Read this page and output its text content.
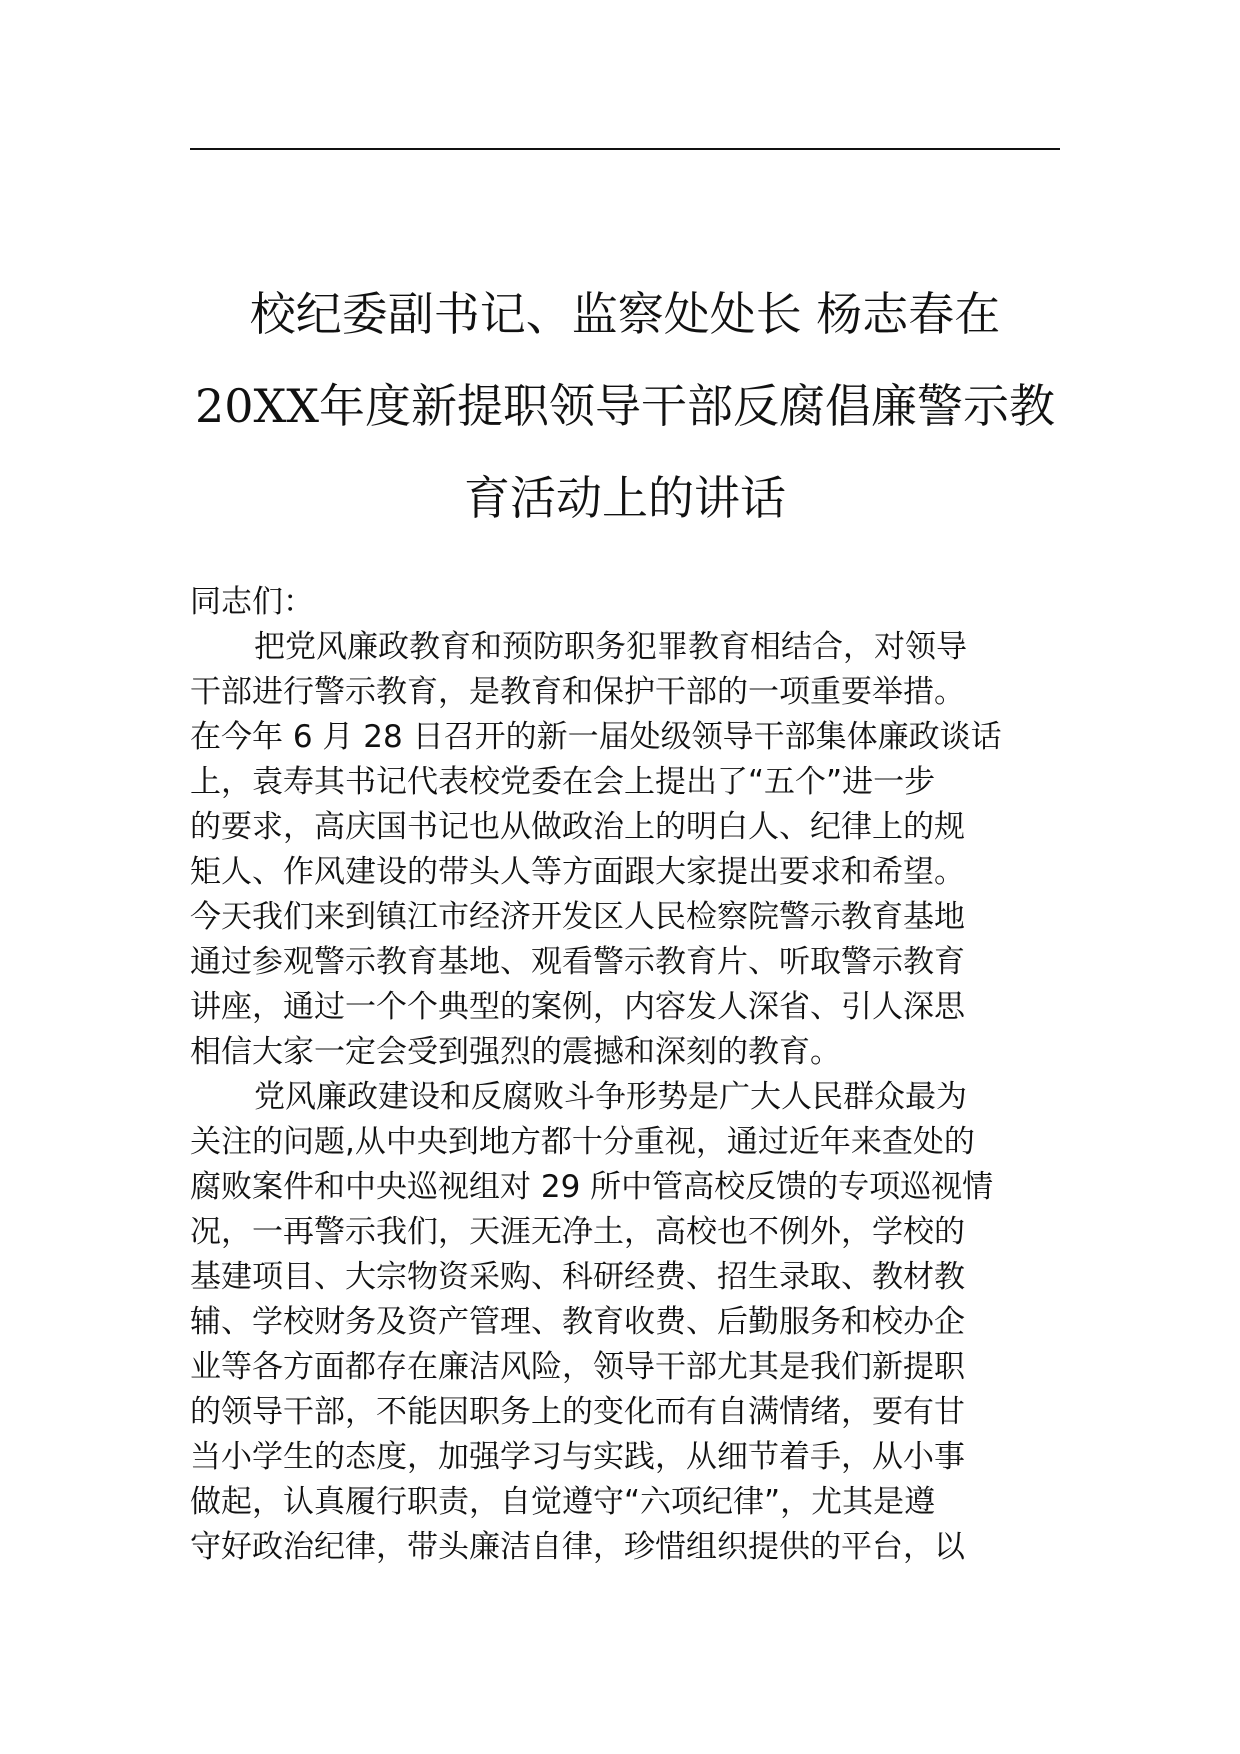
校纪委副书记、监察处处长 杨志春在
20XX年度新提职领导干部反腐倡廉警示教
育活动上的讲话
同志们：
把党风廉政教育和预防职务犯罪教育相结合，对领导
干部进行警示教育，是教育和保护干部的一项重要举措。
在今年 6 月 28 日召开的新一届处级领导干部集体廉政谈话
上，袁寿其书记代表校党委在会上提出了“五个”进一步
的要求，高庆国书记也从做政治上的明白人、纪律上的规
矩人、作风建设的带头人等方面跟大家提出要求和希望。
今天我们来到镇江市经济开发区人民检察院警示教育基地
通过参观警示教育基地、观看警示教育片、听取警示教育
讲座，通过一个个典型的案例，内容发人深省、引人深思
相信大家一定会受到强烈的震撼和深刻的教育。
党风廉政建设和反腐败斗争形势是广大人民群众最为
关注的问题,从中央到地方都十分重视，通过近年来查处的
腐败案件和中央巡视组对 29 所中管高校反馈的专项巡视情
况，一再警示我们，天涯无净土，高校也不例外，学校的
基建项目、大宗物资采购、科研经费、招生录取、教材教
辅、学校财务及资产管理、教育收费、后勤服务和校办企
业等各方面都存在廉洁风险，领导干部尤其是我们新提职
的领导干部，不能因职务上的变化而有自满情绪，要有甘
当小学生的态度，加强学习与实践，从细节着手，从小事
做起，认真履行职责，自觉遵守“六项纪律”，尤其是遵
守好政治纪律，带头廉洁自律，珍惜组织提供的平台，以
